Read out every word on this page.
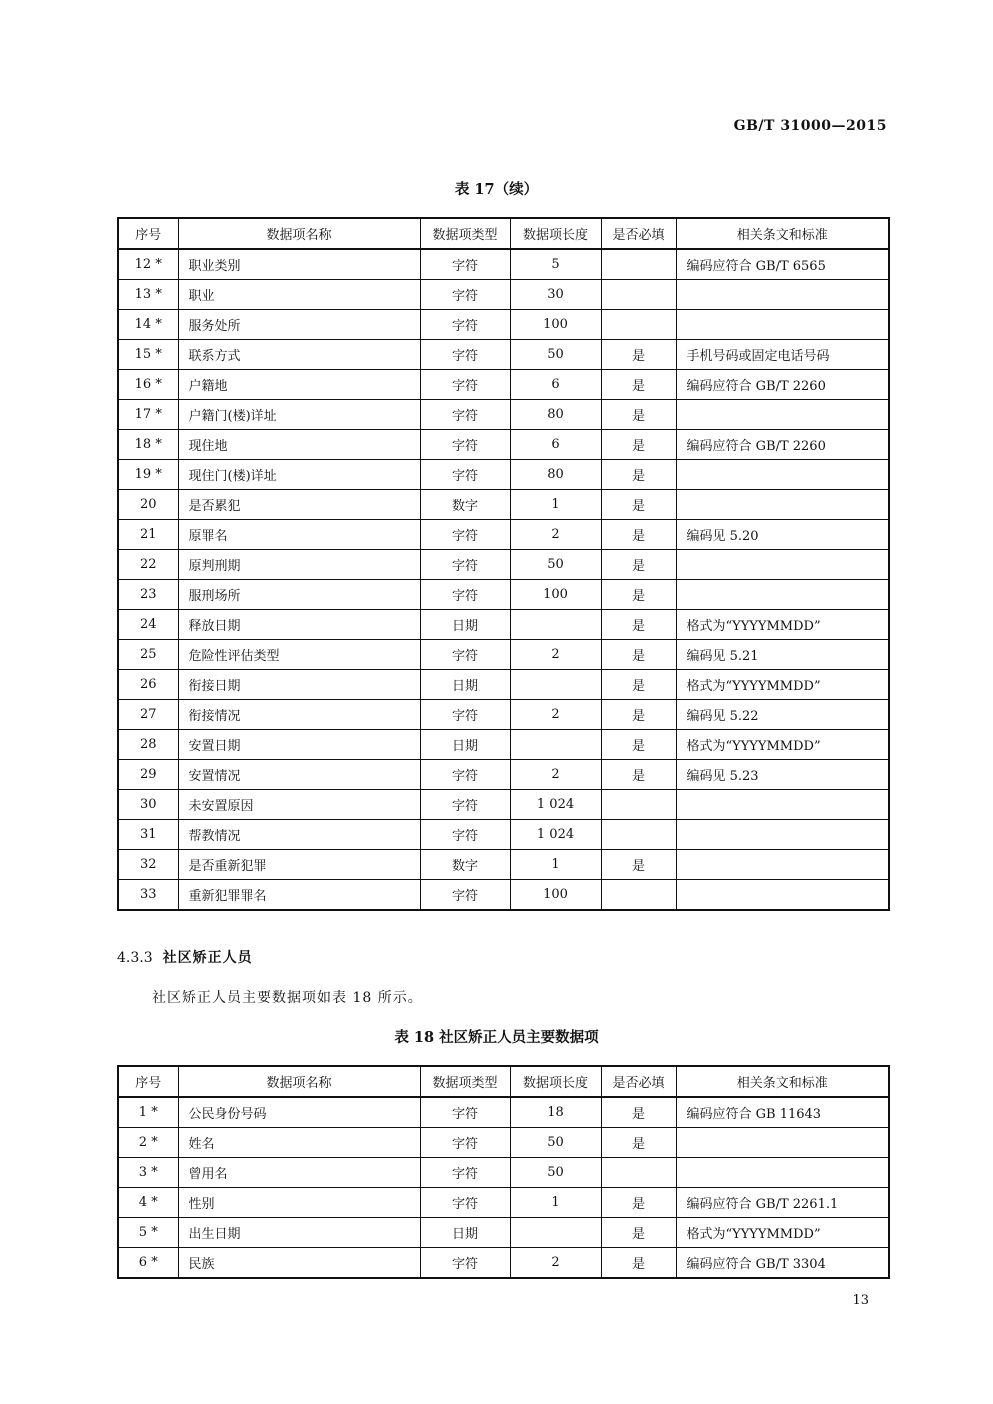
GB/T 31000—2015
表 17（续）
序号	数据项名称	数据项类型	数据项长度	是否必填	相关条文和标准
12 *	职业类别	字符	5		编码应符合 GB/T 6565
13 *	职业	字符	30		
14 *	服务处所	字符	100		
15 *	联系方式	字符	50	是	手机号码或固定电话号码
16 *	户籍地	字符	6	是	编码应符合 GB/T 2260
17 *	户籍门(楼)详址	字符	80	是	
18 *	现住地	字符	6	是	编码应符合 GB/T 2260
19 *	现住门(楼)详址	字符	80	是	
20	是否累犯	数字	1	是	
21	原罪名	字符	2	是	编码见 5.20
22	原判刑期	字符	50	是	
23	服刑场所	字符	100	是	
24	释放日期	日期		是	格式为“YYYYMMDD”
25	危险性评估类型	字符	2	是	编码见 5.21
26	衔接日期	日期		是	格式为“YYYYMMDD”
27	衔接情况	字符	2	是	编码见 5.22
28	安置日期	日期		是	格式为“YYYYMMDD”
29	安置情况	字符	2	是	编码见 5.23
30	未安置原因	字符	1 024		
31	帮教情况	字符	1 024		
32	是否重新犯罪	数字	1	是	
33	重新犯罪罪名	字符	100		
4.3.3 社区矫正人员
社区矫正人员主要数据项如表 18 所示。
表 18 社区矫正人员主要数据项
序号	数据项名称	数据项类型	数据项长度	是否必填	相关条文和标准
1 *	公民身份号码	字符	18	是	编码应符合 GB 11643
2 *	姓名	字符	50	是	
3 *	曾用名	字符	50		
4 *	性别	字符	1	是	编码应符合 GB/T 2261.1
5 *	出生日期	日期		是	格式为“YYYYMMDD”
6 *	民族	字符	2	是	编码应符合 GB/T 3304
13
